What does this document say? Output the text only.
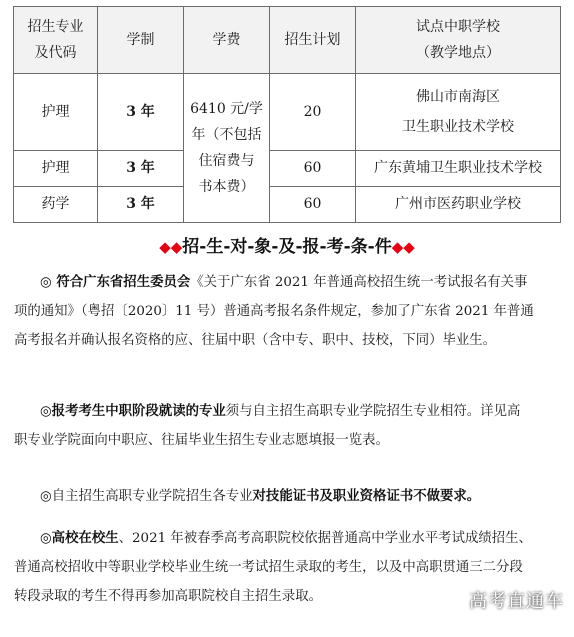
招生专业
及代码	学制	学费	招生计划	试点中职学校
（教学地点）

护理	3 年	6410 元/学
年（不包括
住宿费与
书本费）	20	佛山市南海区
卫生职业技术学校

护理	3 年		60	广东黄埔卫生职业技术学校
药学	3 年		60	广州市医药职业学校
◆◆招-生-对-象-及-报-考-条-件◆◆
◎ 符合广东省招生委员会《关于广东省 2021 年普通高校招生统一考试报名有关事
项的通知》（粤招〔2020〕11 号）普通高考报名条件规定，参加了广东省 2021 年普通
高考报名并确认报名资格的应、往届中职（含中专、职中、技校，下同）毕业生。
◎报考考生中职阶段就读的专业须与自主招生高职专业学院招生专业相符。详见高
职专业学院面向中职应、往届毕业生招生专业志愿填报一览表。
◎自主招生高职专业学院招生各专业对技能证书及职业资格证书不做要求。
◎高校在校生、2021 年被春季高考高职院校依据普通高中学业水平考试成绩招生、
普通高校招收中等职业学校毕业生统一考试招生录取的考生，以及中高职贯通三二分段
转段录取的考生不得再参加高职院校自主招生录取。	高考直通车
